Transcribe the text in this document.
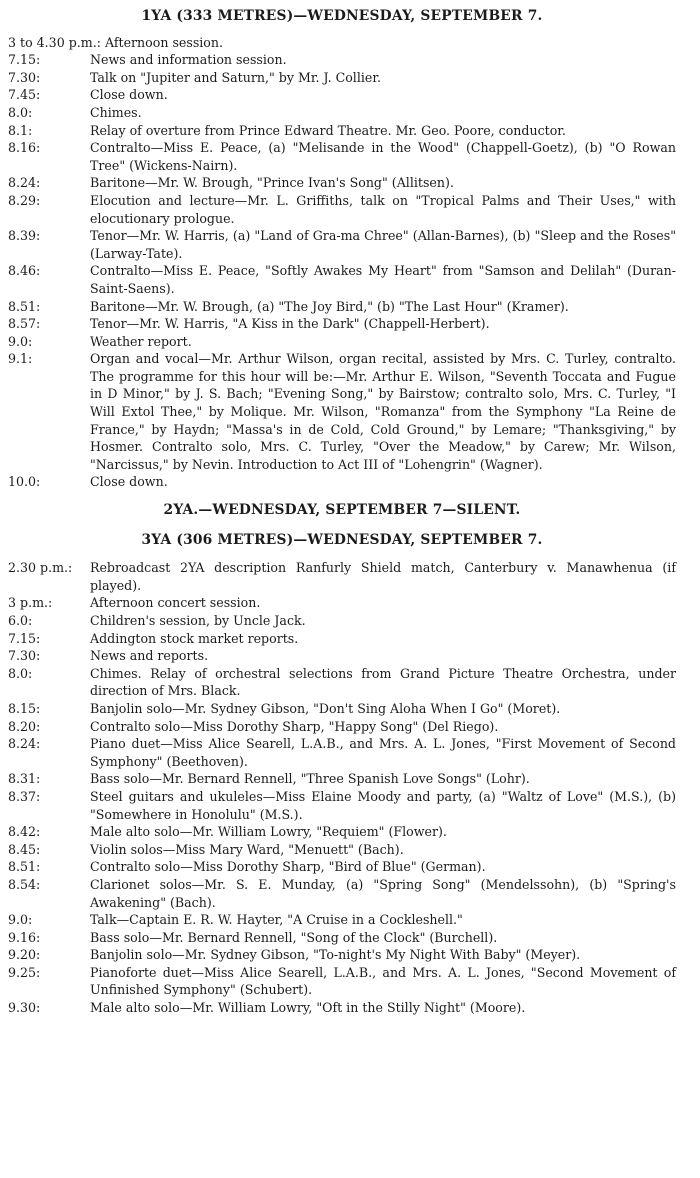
1YA (333 METRES)—WEDNESDAY, SEPTEMBER 7.
3 to 4.30 p.m.: Afternoon session.
7.15:	News and information session.
7.30:	Talk on "Jupiter and Saturn," by Mr. J. Collier.
7.45:	Close down.
8.0:	Chimes.
8.1:	Relay of overture from Prince Edward Theatre. Mr. Geo. Poore, conductor.
8.16:	Contralto—Miss E. Peace, (a) "Melisande in the Wood" (Chappell-Goetz), (b) "O Rowan Tree" (Wickens-Nairn).
8.24:	Baritone—Mr. W. Brough, "Prince Ivan's Song" (Allitsen).
8.29:	Elocution and lecture—Mr. L. Griffiths, talk on "Tropical Palms and Their Uses," with elocutionary prologue.
8.39:	Tenor—Mr. W. Harris, (a) "Land of Gra-ma Chree" (Allan-Barnes), (b) "Sleep and the Roses" (Larway-Tate).
8.46:	Contralto—Miss E. Peace, "Softly Awakes My Heart" from "Samson and Delilah" (Duran-Saint-Saens).
8.51:	Baritone—Mr. W. Brough, (a) "The Joy Bird," (b) "The Last Hour" (Kramer).
8.57:	Tenor—Mr. W. Harris, "A Kiss in the Dark" (Chappell-Herbert).
9.0:	Weather report.
9.1:	Organ and vocal—Mr. Arthur Wilson, organ recital, assisted by Mrs. C. Turley, contralto. The programme for this hour will be:—Mr. Arthur E. Wilson, "Seventh Toccata and Fugue in D Minor," by J. S. Bach; "Evening Song," by Bairstow; contralto solo, Mrs. C. Turley, "I Will Extol Thee," by Molique. Mr. Wilson, "Romanza" from the Symphony "La Reine de France," by Haydn; "Massa's in de Cold, Cold Ground," by Lemare; "Thanksgiving," by Hosmer. Contralto solo, Mrs. C. Turley, "Over the Meadow," by Carew; Mr. Wilson, "Narcissus," by Nevin. Introduction to Act III of "Lohengrin" (Wagner).
10.0:	Close down.
2YA.—WEDNESDAY, SEPTEMBER 7—SILENT.
3YA (306 METRES)—WEDNESDAY, SEPTEMBER 7.
2.30 p.m.:	Rebroadcast 2YA description Ranfurly Shield match, Canterbury v. Manawhenua (if played).
3 p.m.:	Afternoon concert session.
6.0:	Children's session, by Uncle Jack.
7.15:	Addington stock market reports.
7.30:	News and reports.
8.0:	Chimes. Relay of orchestral selections from Grand Picture Theatre Orchestra, under direction of Mrs. Black.
8.15:	Banjolin solo—Mr. Sydney Gibson, "Don't Sing Aloha When I Go" (Moret).
8.20:	Contralto solo—Miss Dorothy Sharp, "Happy Song" (Del Riego).
8.24:	Piano duet—Miss Alice Searell, L.A.B., and Mrs. A. L. Jones, "First Movement of Second Symphony" (Beethoven).
8.31:	Bass solo—Mr. Bernard Rennell, "Three Spanish Love Songs" (Lohr).
8.37:	Steel guitars and ukuleles—Miss Elaine Moody and party, (a) "Waltz of Love" (M.S.), (b) "Somewhere in Honolulu" (M.S.).
8.42:	Male alto solo—Mr. William Lowry, "Requiem" (Flower).
8.45:	Violin solos—Miss Mary Ward, "Menuett" (Bach).
8.51:	Contralto solo—Miss Dorothy Sharp, "Bird of Blue" (German).
8.54:	Clarionet solos—Mr. S. E. Munday, (a) "Spring Song" (Mendelssohn), (b) "Spring's Awakening" (Bach).
9.0:	Talk—Captain E. R. W. Hayter, "A Cruise in a Cockleshell."
9.16:	Bass solo—Mr. Bernard Rennell, "Song of the Clock" (Burchell).
9.20:	Banjolin solo—Mr. Sydney Gibson, "To-night's My Night With Baby" (Meyer).
9.25:	Pianoforte duet—Miss Alice Searell, L.A.B., and Mrs. A. L. Jones, "Second Movement of Unfinished Symphony" (Schubert).
9.30:	Male alto solo—Mr. William Lowry, "Oft in the Stilly Night" (Moore).
